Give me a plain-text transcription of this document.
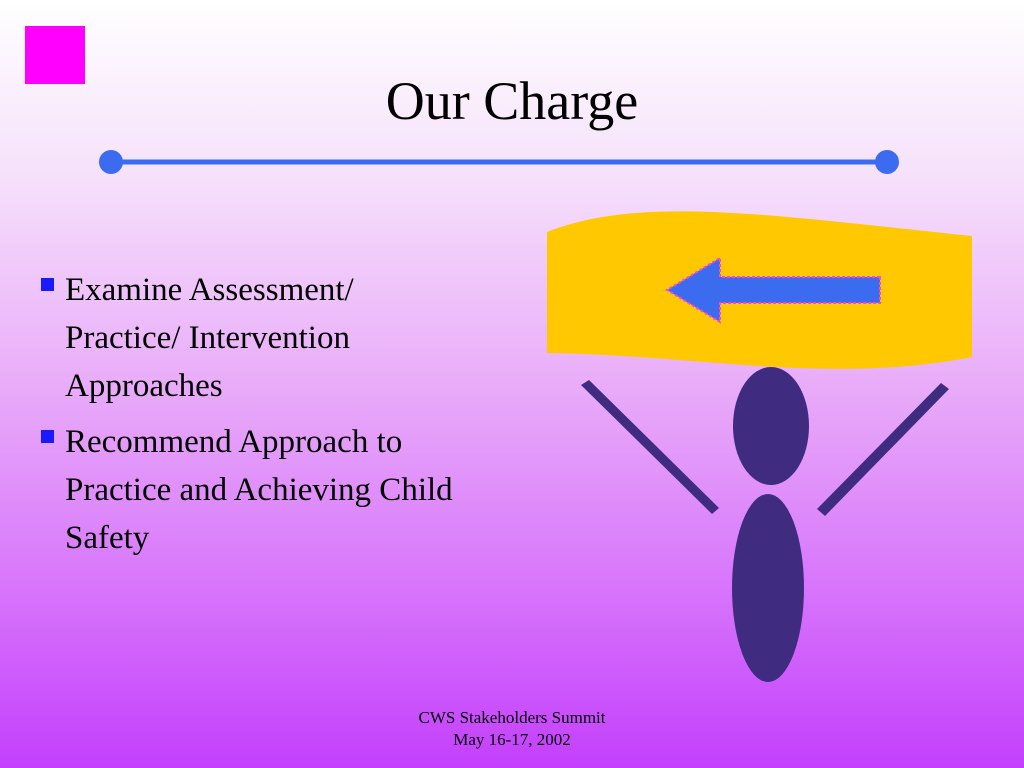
Our Charge
Examine Assessment/ Practice/ Intervention Approaches
Recommend Approach to Practice and Achieving Child Safety
CWS Stakeholders Summit
May 16-17, 2002
